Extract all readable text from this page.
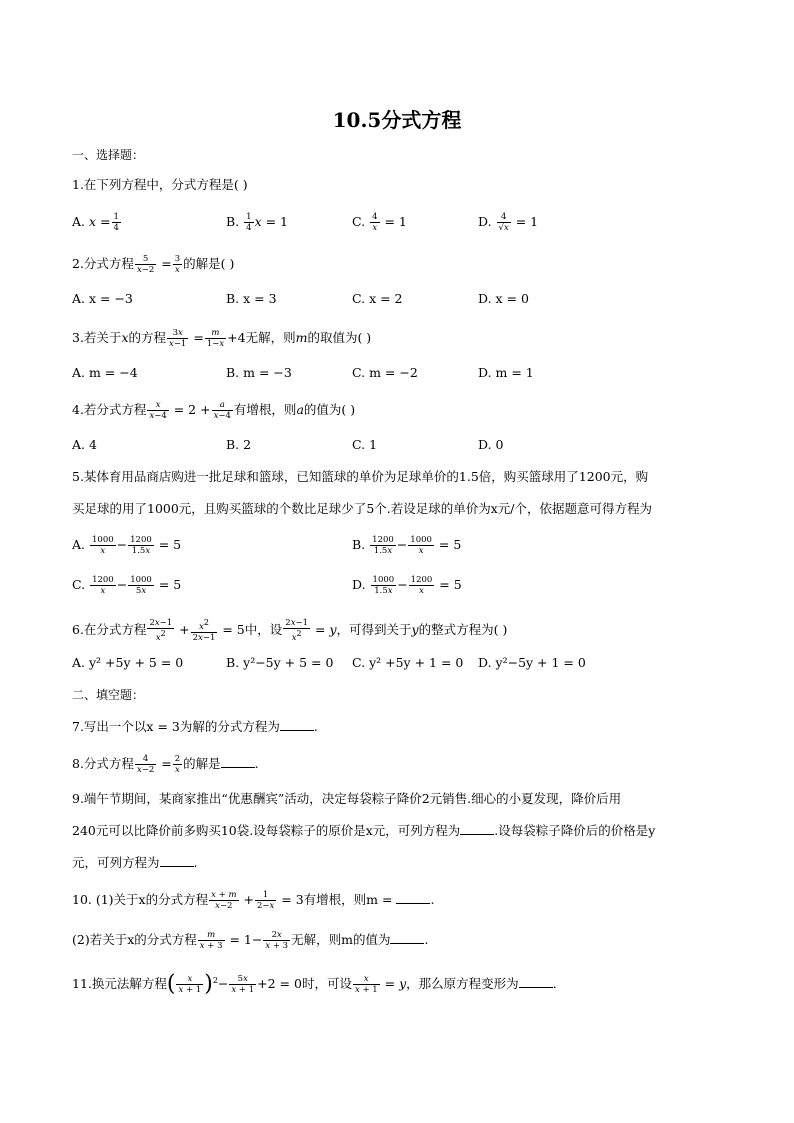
10.5分式方程
一、选择题：
1.在下列方程中，分式方程是( )
A. $x = \frac{1}{4}$	B. $\frac{1}{4}$ x = 1	C. $\frac{4}{x} = 1$	D. $\frac{4}{√x} = 1$
2.分式方程 $\frac{5}{x-2} = \frac{3}{x}$ 的解是( )
A. x = −3	B. x = 3	C. x = 2	D. x = 0
3.若关于x的方程 $\frac{3x}{x-1} = \frac{m}{1-x} +4$无解，则m的取值为( )
A. m = −4	B. m = −3	C. m = −2	D. m = 1
4.若分式方程 $\frac{x}{x-4} = 2 + \frac{a}{x-4}$ 有增根，则a的值为( )
A. 4	B. 2	C. 1	D. 0
5.某体育用品商店购进一批足球和篮球，已知篮球的单价为足球单价的1.5倍，购买篮球用了1200元，购
买足球的用了1000元，且购买篮球的个数比足球少了5个.若设足球的单价为x元/个，依据题意可得方程为
A. $\frac{1000}{x} - \frac{1200}{1.5x} = 5$	B. $\frac{1200}{1.5x} - \frac{1000}{x} = 5$
C. $\frac{1200}{x} - \frac{1000}{5x} = 5$	D. $\frac{1000}{1.5x} - \frac{1200}{x} = 5$
6.在分式方程 $\frac{2x-1}{x^2} + \frac{x^2}{2x-1} = 5$中，设 $\frac{2x-1}{x^2} = y$，可得到关于y的整式方程为( )
A. y² +5y + 5 = 0	B. y²−5y + 5 = 0 C. y² +5y + 1 = 0 D. y²−5y + 1 = 0
二、填空题：
7.写出一个以x = 3为解的分式方程为	.
8.分式方程 $\frac{4}{x-2} = \frac{2}{x}$ 的解是	.
9.端午节期间，某商家推出“优惠酬宾”活动，决定每袋粽子降价2元销售.细心的小夏发现，降价后用
240元可以比降价前多购买10袋.设每袋粽子的原价是x元，可列方程为	.设每袋粽子降价后的价格是y
元，可列方程为	.
10. (1)关于x的分式方程 $\frac{x + m}{x-2} + \frac{1}{2-x} = 3$有增根，则m =	.
(2)若关于x的分式方程 $\frac{m}{x + 3} = 1- \frac{2x}{x + 3}$ 无解，则m的值为	.
11.换元法解方程( $\frac{x}{x + 1} )^2- \frac{5x}{x + 1} +2 = 0$时，可设 $\frac{x}{x + 1} = y$，那么原方程变形为	.
